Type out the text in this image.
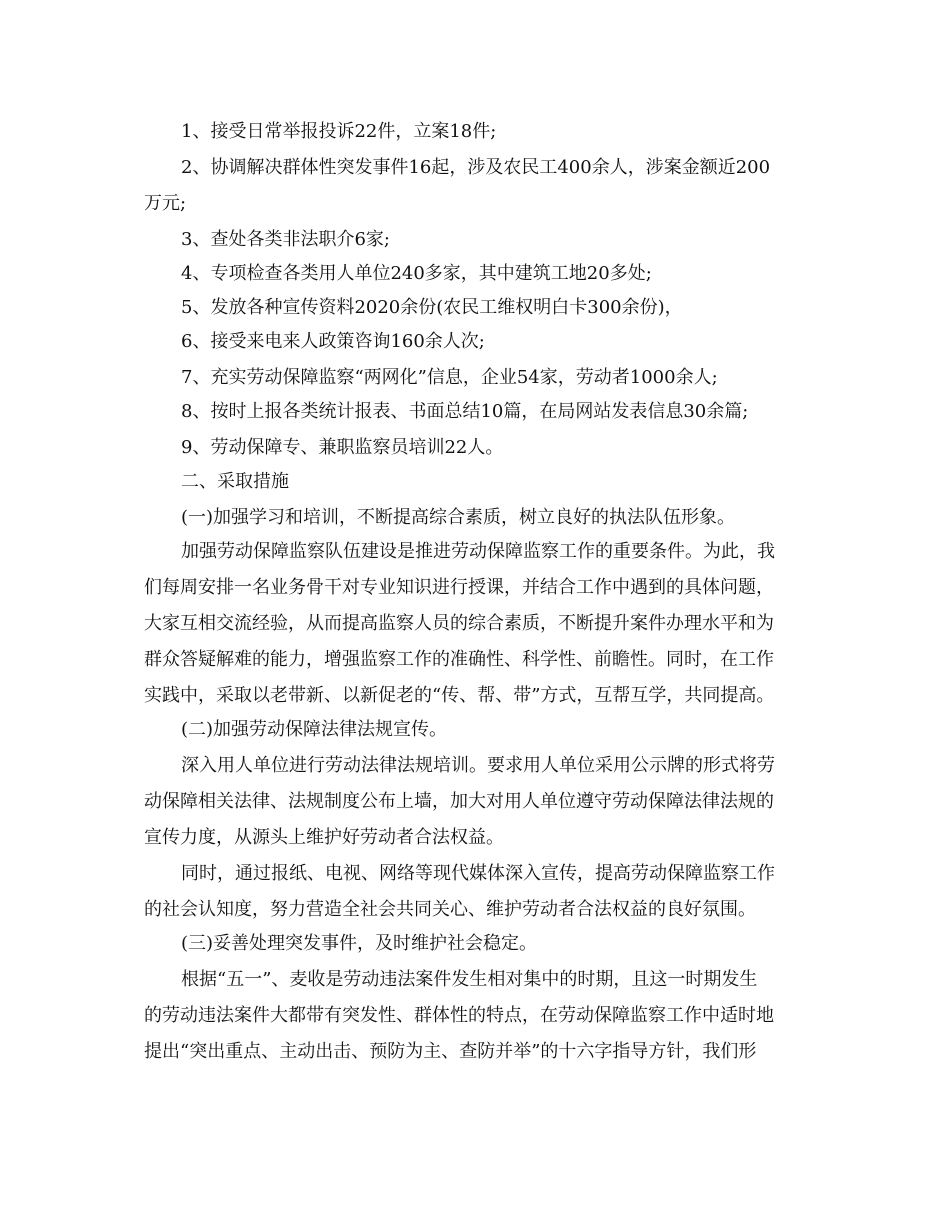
1、接受日常举报投诉22件，立案18件;
2、协调解决群体性突发事件16起，涉及农民工400余人，涉案金额近200
万元;
3、查处各类非法职介6家;
4、专项检查各类用人单位240多家，其中建筑工地20多处;
5、发放各种宣传资料2020余份(农民工维权明白卡300余份)，
6、接受来电来人政策咨询160余人次;
7、充实劳动保障监察“两网化”信息，企业54家，劳动者1000余人;
8、按时上报各类统计报表、书面总结10篇，在局网站发表信息30余篇;
9、劳动保障专、兼职监察员培训22人。
二、采取措施
(一)加强学习和培训，不断提高综合素质，树立良好的执法队伍形象。
加强劳动保障监察队伍建设是推进劳动保障监察工作的重要条件。为此，我
们每周安排一名业务骨干对专业知识进行授课，并结合工作中遇到的具体问题，
大家互相交流经验，从而提高监察人员的综合素质，不断提升案件办理水平和为
群众答疑解难的能力，增强监察工作的准确性、科学性、前瞻性。同时，在工作
实践中，采取以老带新、以新促老的“传、帮、带”方式，互帮互学，共同提高。
(二)加强劳动保障法律法规宣传。
深入用人单位进行劳动法律法规培训。要求用人单位采用公示牌的形式将劳
动保障相关法律、法规制度公布上墙，加大对用人单位遵守劳动保障法律法规的
宣传力度，从源头上维护好劳动者合法权益。
同时，通过报纸、电视、网络等现代媒体深入宣传，提高劳动保障监察工作
的社会认知度，努力营造全社会共同关心、维护劳动者合法权益的良好氛围。
(三)妥善处理突发事件，及时维护社会稳定。
根据“五一”、麦收是劳动违法案件发生相对集中的时期，且这一时期发生
的劳动违法案件大都带有突发性、群体性的特点，在劳动保障监察工作中适时地
提出“突出重点、主动出击、预防为主、查防并举”的十六字指导方针，我们形
